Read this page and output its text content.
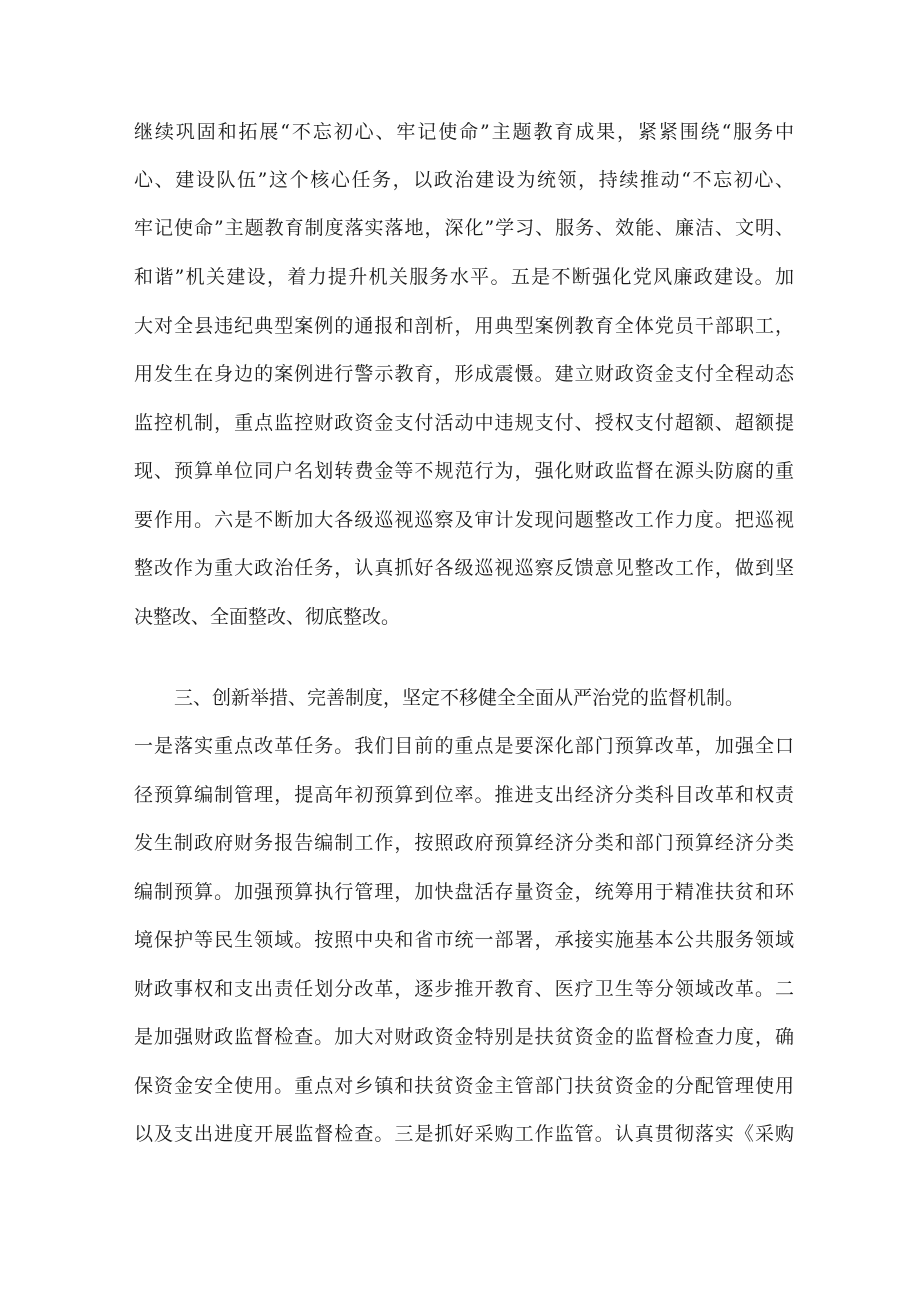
继续巩固和拓展“不忘初心、牢记使命”主题教育成果，紧紧围绕“服务中
心、建设队伍”这个核心任务，以政治建设为统领，持续推动“不忘初心、
牢记使命”主题教育制度落实落地，深化”学习、服务、效能、廉洁、文明、
和谐”机关建设，着力提升机关服务水平。五是不断强化党风廉政建设。加
大对全县违纪典型案例的通报和剖析，用典型案例教育全体党员干部职工，
用发生在身边的案例进行警示教育，形成震慑。建立财政资金支付全程动态
监控机制，重点监控财政资金支付活动中违规支付、授权支付超额、超额提
现、预算单位同户名划转费金等不规范行为，强化财政监督在源头防腐的重
要作用。六是不断加大各级巡视巡察及审计发现问题整改工作力度。把巡视
整改作为重大政治任务，认真抓好各级巡视巡察反馈意见整改工作，做到坚
决整改、全面整改、彻底整改。
三、创新举措、完善制度，坚定不移健全全面从严治党的监督机制。
一是落实重点改革任务。我们目前的重点是要深化部门预算改革，加强全口
径预算编制管理，提高年初预算到位率。推进支出经济分类科目改革和权责
发生制政府财务报告编制工作，按照政府预算经济分类和部门预算经济分类
编制预算。加强预算执行管理，加快盘活存量资金，统筹用于精准扶贫和环
境保护等民生领域。按照中央和省市统一部署，承接实施基本公共服务领域
财政事权和支出责任划分改革，逐步推开教育、医疗卫生等分领域改革。二
是加强财政监督检查。加大对财政资金特别是扶贫资金的监督检查力度，确
保资金安全使用。重点对乡镇和扶贫资金主管部门扶贫资金的分配管理使用
以及支出进度开展监督检查。三是抓好采购工作监管。认真贯彻落实《采购
